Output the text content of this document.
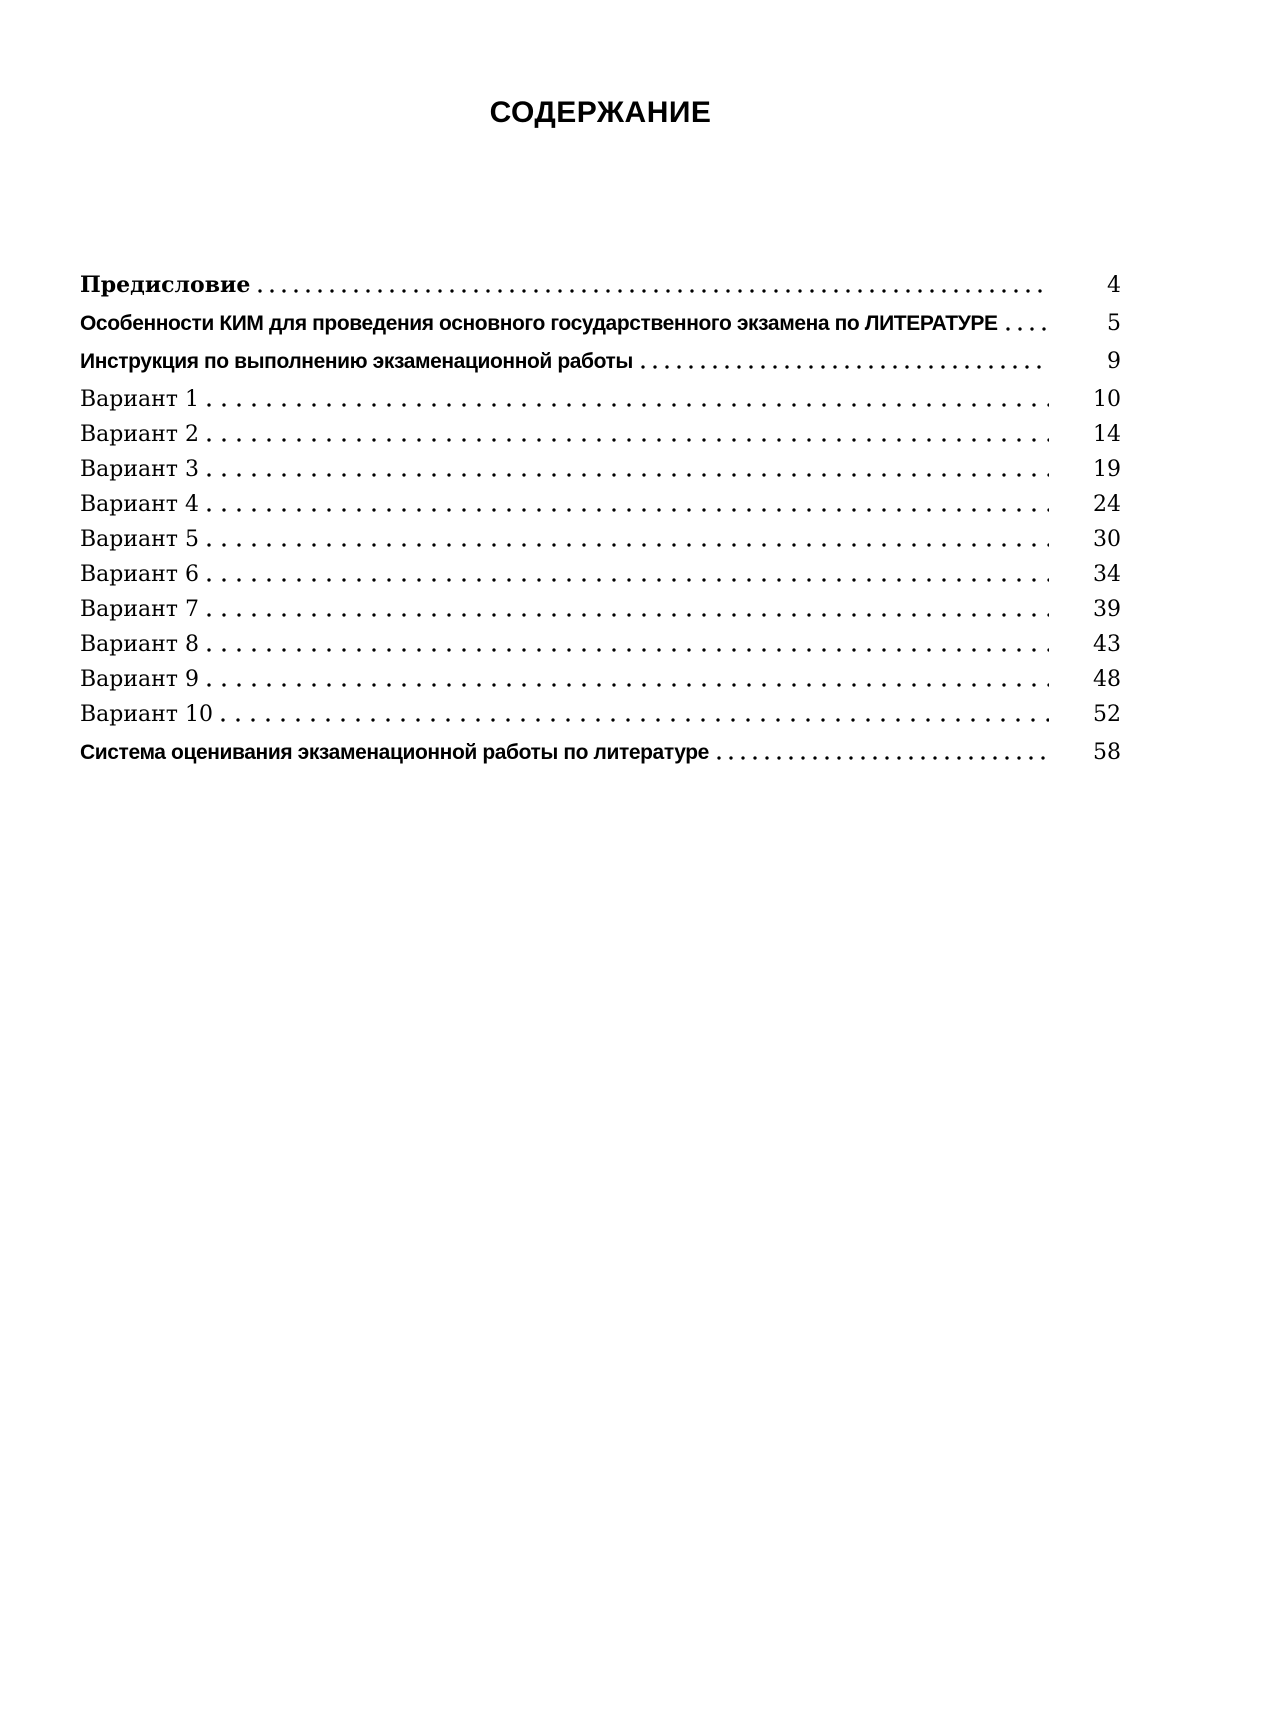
СОДЕРЖАНИЕ
Предисловие	4
Особенности КИМ для проведения основного государственного экзамена по ЛИТЕРАТУРЕ	5
Инструкция по выполнению экзаменационной работы	9
Вариант 1	10
Вариант 2	14
Вариант 3	19
Вариант 4	24
Вариант 5	30
Вариант 6	34
Вариант 7	39
Вариант 8	43
Вариант 9	48
Вариант 10	52
Система оценивания экзаменационной работы по литературе	58
